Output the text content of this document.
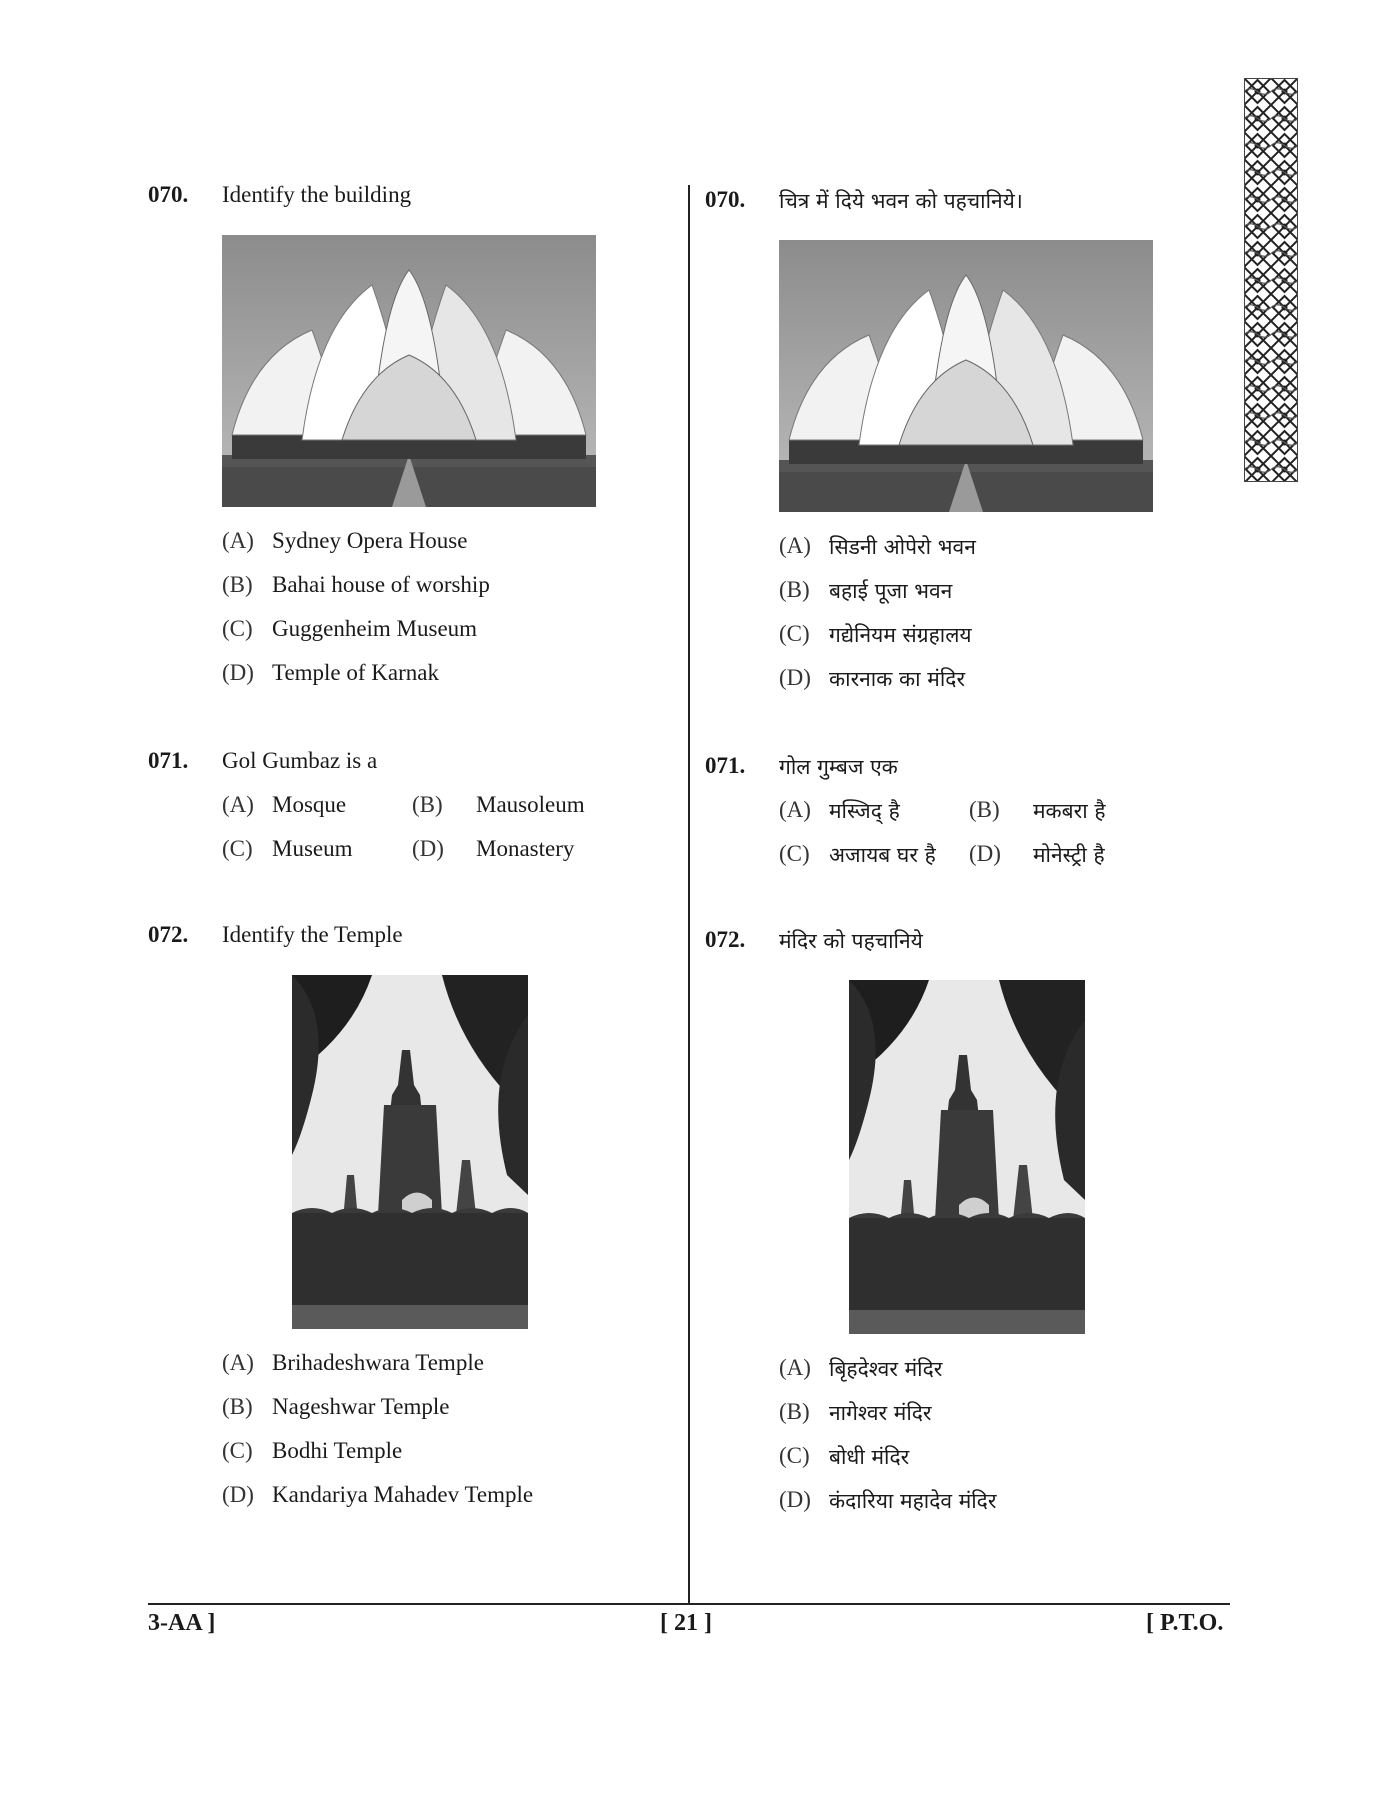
070. Identify the building
(A) Sydney Opera House
(B) Bahai house of worship
(C) Guggenheim Museum
(D) Temple of Karnak
071. Gol Gumbaz is a
(A) Mosque	(B) Mausoleum
(C) Museum	(D) Monastery
072. Identify the Temple
(A) Brihadeshwara Temple
(B) Nageshwar Temple
(C) Bodhi Temple
(D) Kandariya Mahadev Temple
070. चित्र में दिये भवन को पहचानिये।
(A) सिडनी ओपेरो भवन
(B) बहाई पूजा भवन
(C) गद्येनियम संग्रहालय
(D) कारनाक का मंदिर
071. गोल गुम्बज एक
(A) मस्जिद् है	(B) मकबरा है
(C) अजायब घर है (D) मोनेस्ट्री है
072. मंदिर को पहचानिये
(A) बृिहदेश्वर मंदिर
(B) नागेश्वर मंदिर
(C) बोधी मंदिर
(D) कंदारिया महादेव मंदिर
3-AA ]	[ 21 ]	[ P.T.O.
